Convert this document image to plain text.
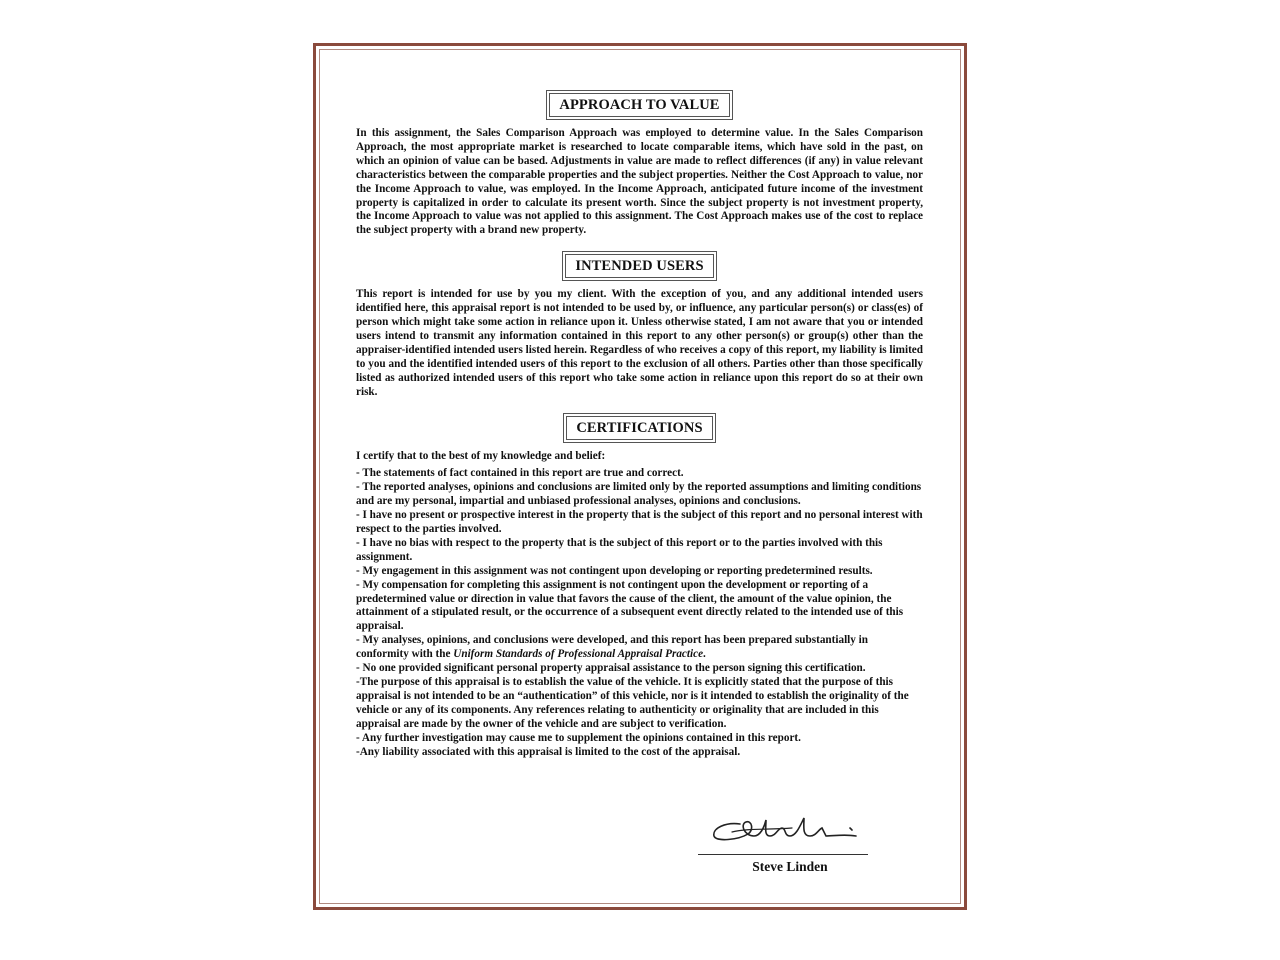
APPROACH TO VALUE

In this assignment, the Sales Comparison Approach was employed to determine value. In the Sales Comparison Approach, the most appropriate market is researched to locate comparable items, which have sold in the past, on which an opinion of value can be based. Adjustments in value are made to reflect differences (if any) in value relevant characteristics between the comparable properties and the subject properties. Neither the Cost Approach to value, nor the Income Approach to value, was employed. In the Income Approach, anticipated future income of the investment property is capitalized in order to calculate its present worth. Since the subject property is not investment property, the Income Approach to value was not applied to this assignment. The Cost Approach makes use of the cost to replace the subject property with a brand new property.

INTENDED USERS

This report is intended for use by you my client. With the exception of you, and any additional intended users identified here, this appraisal report is not intended to be used by, or influence, any particular person(s) or class(es) of person which might take some action in reliance upon it. Unless otherwise stated, I am not aware that you or intended users intend to transmit any information contained in this report to any other person(s) or group(s) other than the appraiser-identified intended users listed herein. Regardless of who receives a copy of this report, my liability is limited to you and the identified intended users of this report to the exclusion of all others. Parties other than those specifically listed as authorized intended users of this report who take some action in reliance upon this report do so at their own risk.

CERTIFICATIONS

I certify that to the best of my knowledge and belief:

- The statements of fact contained in this report are true and correct.
- The reported analyses, opinions and conclusions are limited only by the reported assumptions and limiting conditions and are my personal, impartial and unbiased professional analyses, opinions and conclusions.
- I have no present or prospective interest in the property that is the subject of this report and no personal interest with respect to the parties involved.
- I have no bias with respect to the property that is the subject of this report or to the parties involved with this assignment.
- My engagement in this assignment was not contingent upon developing or reporting predetermined results.
- My compensation for completing this assignment is not contingent upon the development or reporting of a predetermined value or direction in value that favors the cause of the client, the amount of the value opinion, the attainment of a stipulated result, or the occurrence of a subsequent event directly related to the intended use of this appraisal.
- My analyses, opinions, and conclusions were developed, and this report has been prepared substantially in conformity with the Uniform Standards of Professional Appraisal Practice.
- No one provided significant personal property appraisal assistance to the person signing this certification.
-The purpose of this appraisal is to establish the value of the vehicle. It is explicitly stated that the purpose of this appraisal is not intended to be an “authentication” of this vehicle, nor is it intended to establish the originality of the vehicle or any of its components. Any references relating to authenticity or originality that are included in this appraisal are made by the owner of the vehicle and are subject to verification.
- Any further investigation may cause me to supplement the opinions contained in this report.
-Any liability associated with this appraisal is limited to the cost of the appraisal.
Steve Linden
